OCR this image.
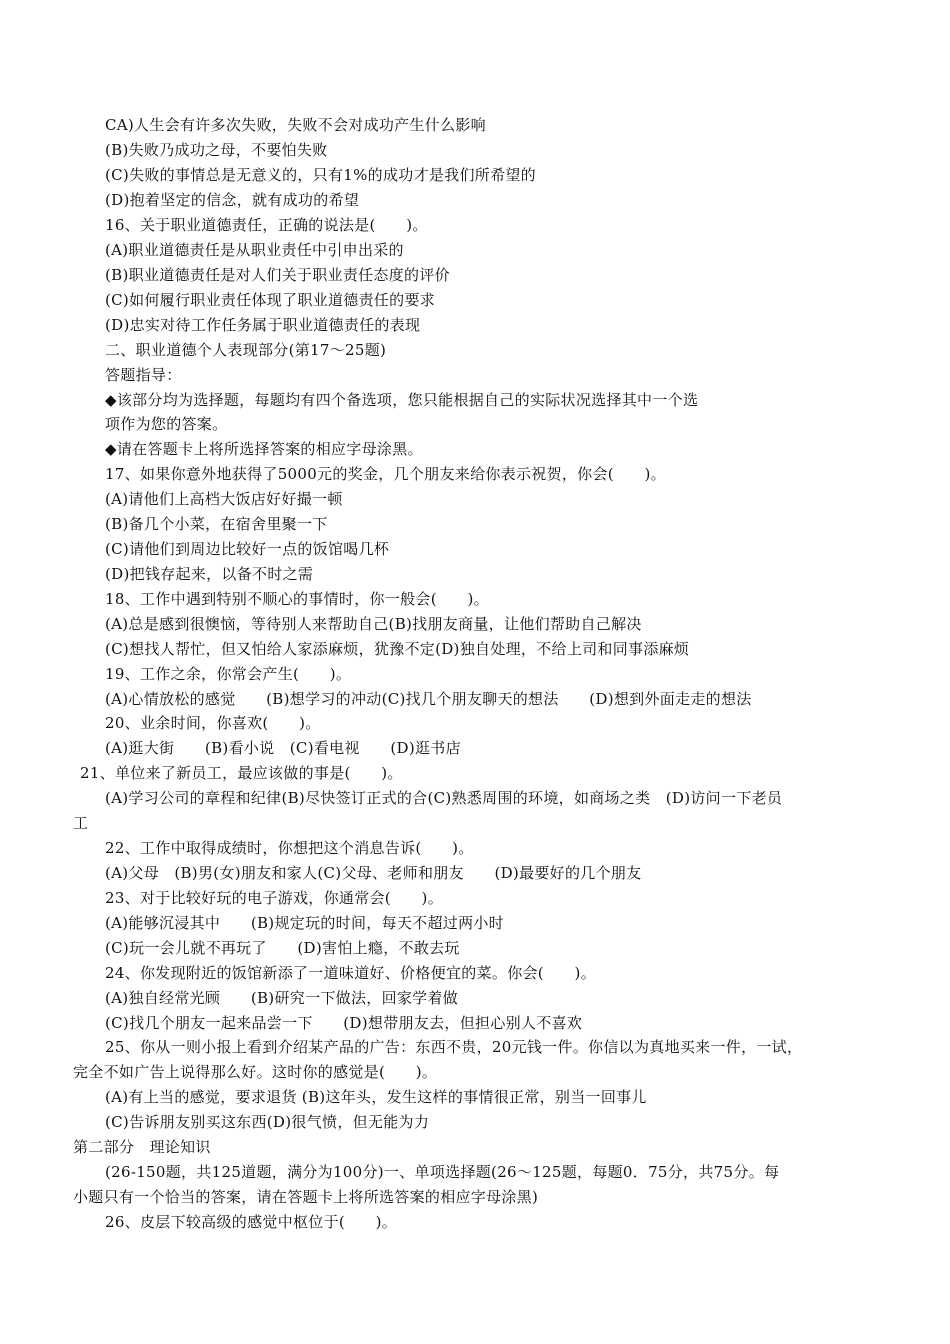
CA)人生会有许多次失败，失败不会对成功产生什么影响
(B)失败乃成功之母，不要怕失败
(C)失败的事情总是无意义的，只有1%的成功才是我们所希望的
(D)抱着坚定的信念，就有成功的希望
16、关于职业道德责任，正确的说法是(　　)。
(A)职业道德责任是从职业责任中引申出采的
(B)职业道德责任是对人们关于职业责任态度的评价
(C)如何履行职业责任体现了职业道德责任的要求
(D)忠实对待工作任务属于职业道德责任的表现
二、职业道德个人表现部分(第17～25题)
答题指导：
◆该部分均为选择题，每题均有四个备选项，您只能根据自己的实际状况选择其中一个选
项作为您的答案。
◆请在答题卡上将所选择答案的相应字母涂黑。
17、如果你意外地获得了5000元的奖金，几个朋友来给你表示祝贺，你会(　　)。
(A)请他们上高档大饭店好好撮一顿
(B)备几个小菜，在宿舍里聚一下
(C)请他们到周边比较好一点的饭馆喝几杯
(D)把钱存起来，以备不时之需
18、工作中遇到特别不顺心的事情时，你一般会(　　)。
(A)总是感到很懊恼，等待别人来帮助自己(B)找朋友商量，让他们帮助自己解决
(C)想找人帮忙，但又怕给人家添麻烦，犹豫不定(D)独自处理，不给上司和同事添麻烦
19、工作之余，你常会产生(　　)。
(A)心情放松的感觉　　(B)想学习的冲动(C)找几个朋友聊天的想法　　(D)想到外面走走的想法
20、业余时间，你喜欢(　　)。
(A)逛大街　　(B)看小说　(C)看电视　　(D)逛书店
21、单位来了新员工，最应该做的事是(　　)。
(A)学习公司的章程和纪律(B)尽快签订正式的合(C)熟悉周围的环境，如商场之类　(D)访问一下老员
工
22、工作中取得成绩时，你想把这个消息告诉(　　)。
(A)父母　(B)男(女)朋友和家人(C)父母、老师和朋友　　(D)最要好的几个朋友
23、对于比较好玩的电子游戏，你通常会(　　)。
(A)能够沉浸其中　　(B)规定玩的时间，每天不超过两小时
(C)玩一会儿就不再玩了　　(D)害怕上瘾，不敢去玩
24、你发现附近的饭馆新添了一道味道好、价格便宜的菜。你会(　　)。
(A)独自经常光顾　　(B)研究一下做法，回家学着做
(C)找几个朋友一起来品尝一下　　(D)想带朋友去，但担心别人不喜欢
25、你从一则小报上看到介绍某产品的广告：东西不贵，20元钱一件。你信以为真地买来一件，一试，
完全不如广告上说得那么好。这时你的感觉是(　　)。
(A)有上当的感觉，要求退货 (B)这年头，发生这样的事情很正常，别当一回事儿
(C)告诉朋友别买这东西(D)很气愤，但无能为力
第二部分　理论知识
(26-150题，共125道题，满分为100分)一、单项选择题(26～125题，每题0．75分，共75分。每
小题只有一个恰当的答案，请在答题卡上将所选答案的相应字母涂黑)
26、皮层下较高级的感觉中枢位于(　　)。
